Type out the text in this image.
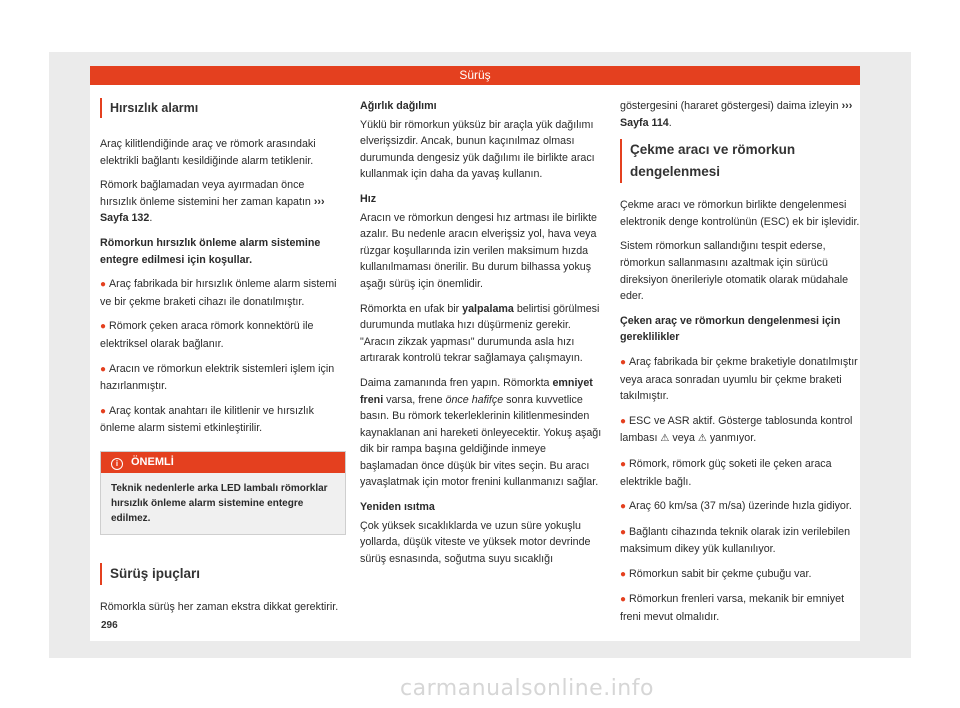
Sürüş
Hırsızlık alarmı

Araç kilitlendiğinde araç ve römork arasındaki elektrikli bağlantı kesildiğinde alarm tetiklenir.

Römork bağlamadan veya ayırmadan önce hırsızlık önleme sistemini her zaman kapatın ››› Sayfa 132.

Römorkun hırsızlık önleme alarm sistemine entegre edilmesi için koşullar.

● Araç fabrikada bir hırsızlık önleme alarm sistemi ve bir çekme braketi cihazı ile donatılmıştır.

● Römork çeken araca römork konnektörü ile elektriksel olarak bağlanır.

● Aracın ve römorkun elektrik sistemleri işlem için hazırlanmıştır.

● Araç kontak anahtarı ile kilitlenir ve hırsızlık önleme alarm sistemi etkinleştirilir.

i ÖNEMLİ
Teknik nedenlerle arka LED lambalı römorklar hırsızlık önleme alarm sistemine entegre edilmez.
Sürüş ipuçları

Römorkla sürüş her zaman ekstra dikkat gerektirir.

Ağırlık dağılımı

Yüklü bir römorkun yüksüz bir araçla yük dağılımı elverişsizdir. Ancak, bunun kaçınılmaz olması durumunda dengesiz yük dağılımı ile birlikte aracı kullanmak için daha da yavaş kullanın.

Hız

Aracın ve römorkun dengesi hız artması ile birlikte azalır. Bu nedenle aracın elverişsiz yol, hava veya rüzgar koşullarında izin verilen maksimum hızda kullanılmaması önerilir. Bu durum bilhassa yokuş aşağı sürüş için önemlidir.

Römorkta en ufak bir yalpalama belirtisi görülmesi durumunda mutlaka hızı düşürmeniz gerekir. "Aracın zikzak yapması" durumunda asla hızı artırarak kontrolü tekrar sağlamaya çalışmayın.

Daima zamanında fren yapın. Römorkta emniyet freni varsa, frene önce hafifçe sonra kuvvetlice basın. Bu römork tekerleklerinin kilitlenmesinden kaynaklanan ani hareketi önleyecektir. Yokuş aşağı dik bir rampa başına geldiğinde inmeye başlamadan önce düşük bir vites seçin. Bu aracı yavaşlatmak için motor frenini kullanmanızı sağlar.

Yeniden ısıtma

Çok yüksek sıcaklıklarda ve uzun süre yokuşlu yollarda, düşük viteste ve yüksek motor devrinde sürüş esnasında, soğutma suyu sıcaklığı

göstergesini (hararet göstergesi) daima izleyin ››› Sayfa 114.

Çekme aracı ve römorkun dengelenmesi

Çekme aracı ve römorkun birlikte dengelenmesi elektronik denge kontrolünün (ESC) ek bir işlevidir.

Sistem römorkun sallandığını tespit ederse, römorkun sallanmasını azaltmak için sürücü direksiyon önerileriyle otomatik olarak müdahale eder.

Çeken araç ve römorkun dengelenmesi için gereklilikler

● Araç fabrikada bir çekme braketiyle donatılmıştır veya araca sonradan uyumlu bir çekme braketi takılmıştır.

● ESC ve ASR aktif. Gösterge tablosunda kontrol lambası ⚠ veya ⚠ yanmıyor.

● Römork, römork güç soketi ile çeken araca elektrikle bağlı.

● Araç 60 km/sa (37 m/sa) üzerinde hızla gidiyor.

● Bağlantı cihazında teknik olarak izin verilebilen maksimum dikey yük kullanılıyor.

● Römorkun sabit bir çekme çubuğu var.

● Römorkun frenleri varsa, mekanik bir emniyet freni mevut olmalıdır.

296
carmanualsonline.info
